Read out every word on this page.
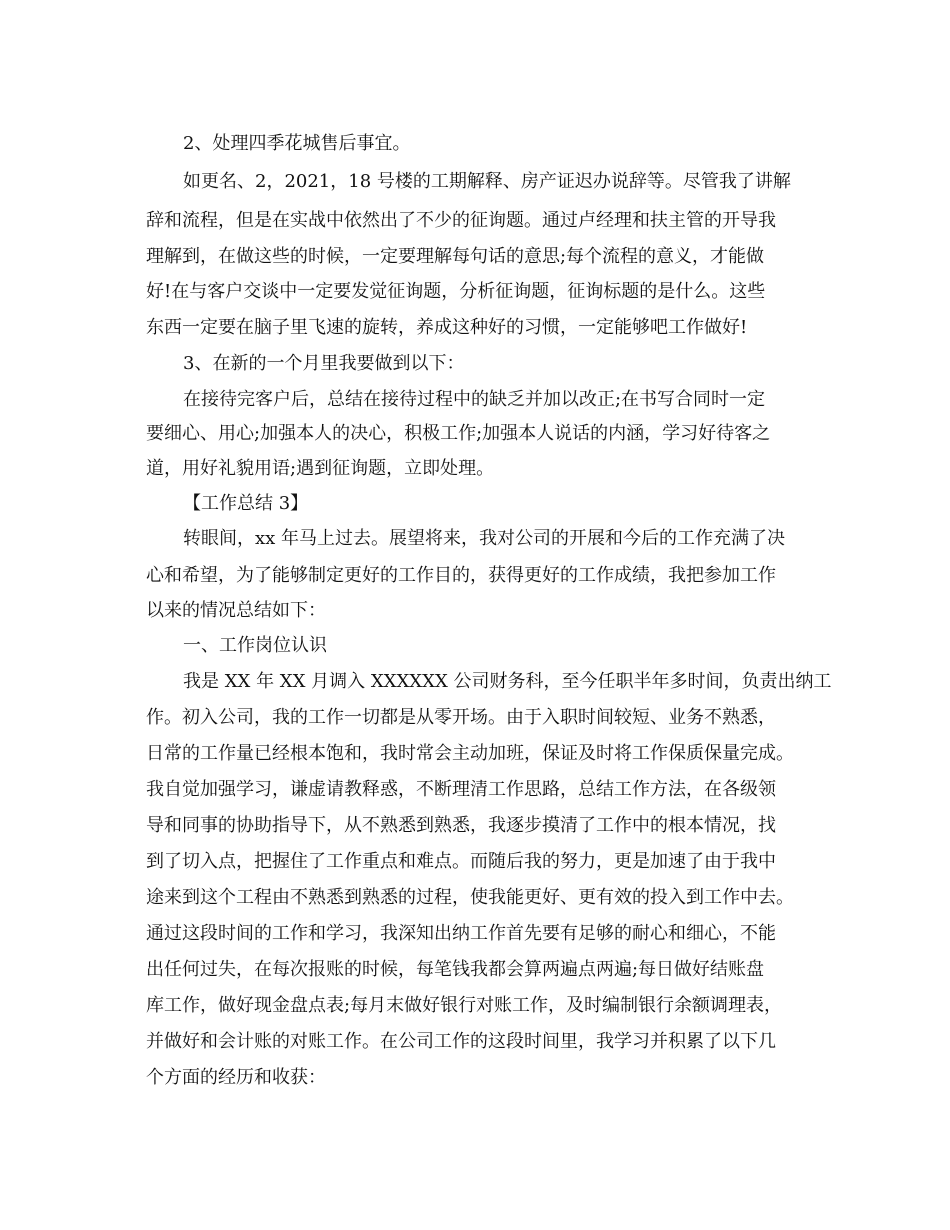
2、处理四季花城售后事宜。

如更名、2，2021，18 号楼的工期解释、房产证迟办说辞等。尽管我了讲解

辞和流程，但是在实战中依然出了不少的征询题。通过卢经理和扶主管的开导我

理解到，在做这些的时候，一定要理解每句话的意思;每个流程的意义，才能做

好!在与客户交谈中一定要发觉征询题，分析征询题，征询标题的是什么。这些

东西一定要在脑子里飞速的旋转，养成这种好的习惯，一定能够吧工作做好!

3、在新的一个月里我要做到以下：

在接待完客户后，总结在接待过程中的缺乏并加以改正;在书写合同时一定

要细心、用心;加强本人的决心，积极工作;加强本人说话的内涵，学习好待客之

道，用好礼貌用语;遇到征询题，立即处理。

【工作总结 3】

转眼间，xx 年马上过去。展望将来，我对公司的开展和今后的工作充满了决

心和希望，为了能够制定更好的工作目的，获得更好的工作成绩，我把参加工作

以来的情况总结如下：

一、工作岗位认识

我是 XX 年 XX 月调入 XXXXXX 公司财务科，至今任职半年多时间，负责出纳工

作。初入公司，我的工作一切都是从零开场。由于入职时间较短、业务不熟悉，

日常的工作量已经根本饱和，我时常会主动加班，保证及时将工作保质保量完成。

我自觉加强学习，谦虚请教释惑，不断理清工作思路，总结工作方法，在各级领

导和同事的协助指导下，从不熟悉到熟悉，我逐步摸清了工作中的根本情况，找

到了切入点，把握住了工作重点和难点。而随后我的努力，更是加速了由于我中

途来到这个工程由不熟悉到熟悉的过程，使我能更好、更有效的投入到工作中去。

通过这段时间的工作和学习，我深知出纳工作首先要有足够的耐心和细心，不能

出任何过失，在每次报账的时候，每笔钱我都会算两遍点两遍;每日做好结账盘

库工作，做好现金盘点表;每月末做好银行对账工作，及时编制银行余额调理表，

并做好和会计账的对账工作。在公司工作的这段时间里，我学习并积累了以下几

个方面的经历和收获：
